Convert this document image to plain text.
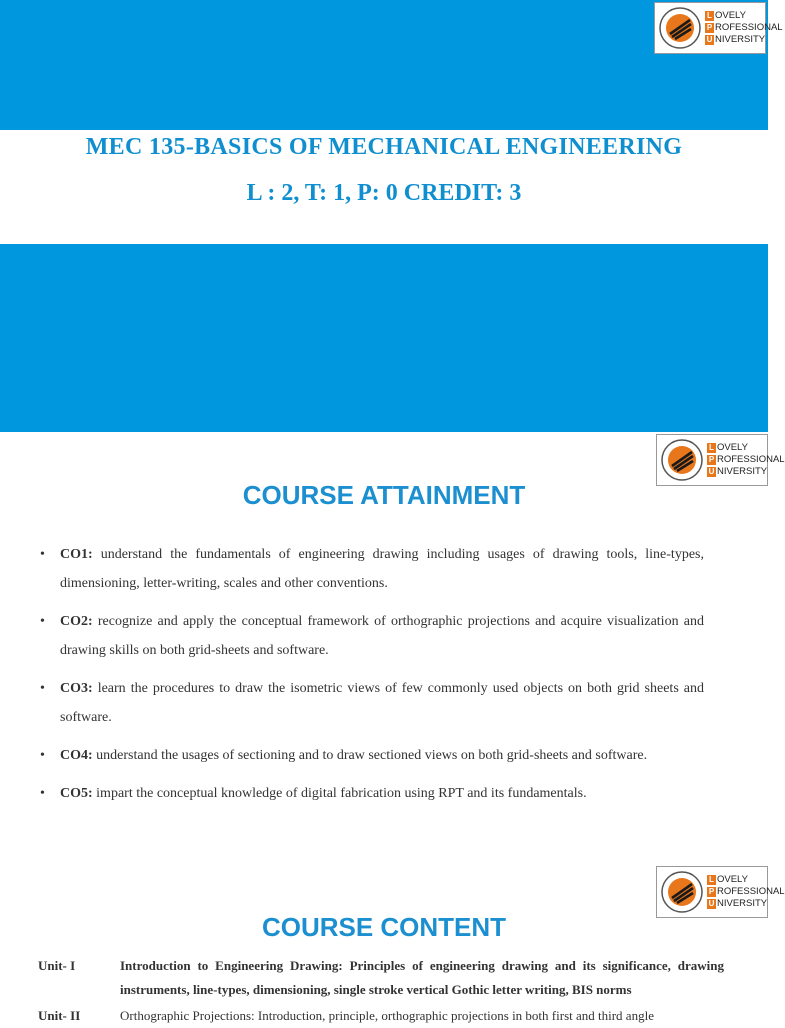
L OVELY
P ROFESSIONAL
U NIVERSITY
MEC 135-BASICS OF MECHANICAL ENGINEERING
L : 2, T: 1, P: 0 CREDIT: 3
L OVELY
P ROFESSIONAL
U NIVERSITY
COURSE ATTAINMENT
• CO1: understand the fundamentals of engineering drawing including usages of drawing tools, line-types, dimensioning, letter-writing, scales and other conventions.
• CO2: recognize and apply the conceptual framework of orthographic projections and acquire visualization and drawing skills on both grid-sheets and software.
• CO3: learn the procedures to draw the isometric views of few commonly used objects on both grid sheets and software.
• CO4: understand the usages of sectioning and to draw sectioned views on both grid-sheets and software.
• CO5: impart the conceptual knowledge of digital fabrication using RPT and its fundamentals.
L OVELY
P ROFESSIONAL
U NIVERSITY
COURSE CONTENT
Unit- I	Introduction to Engineering Drawing: Principles of engineering drawing and its significance, drawing instruments, line-types, dimensioning, single stroke vertical Gothic letter writing, BIS norms
Unit- II	Orthographic Projections: Introduction, principle, orthographic projections in both first and third angle
